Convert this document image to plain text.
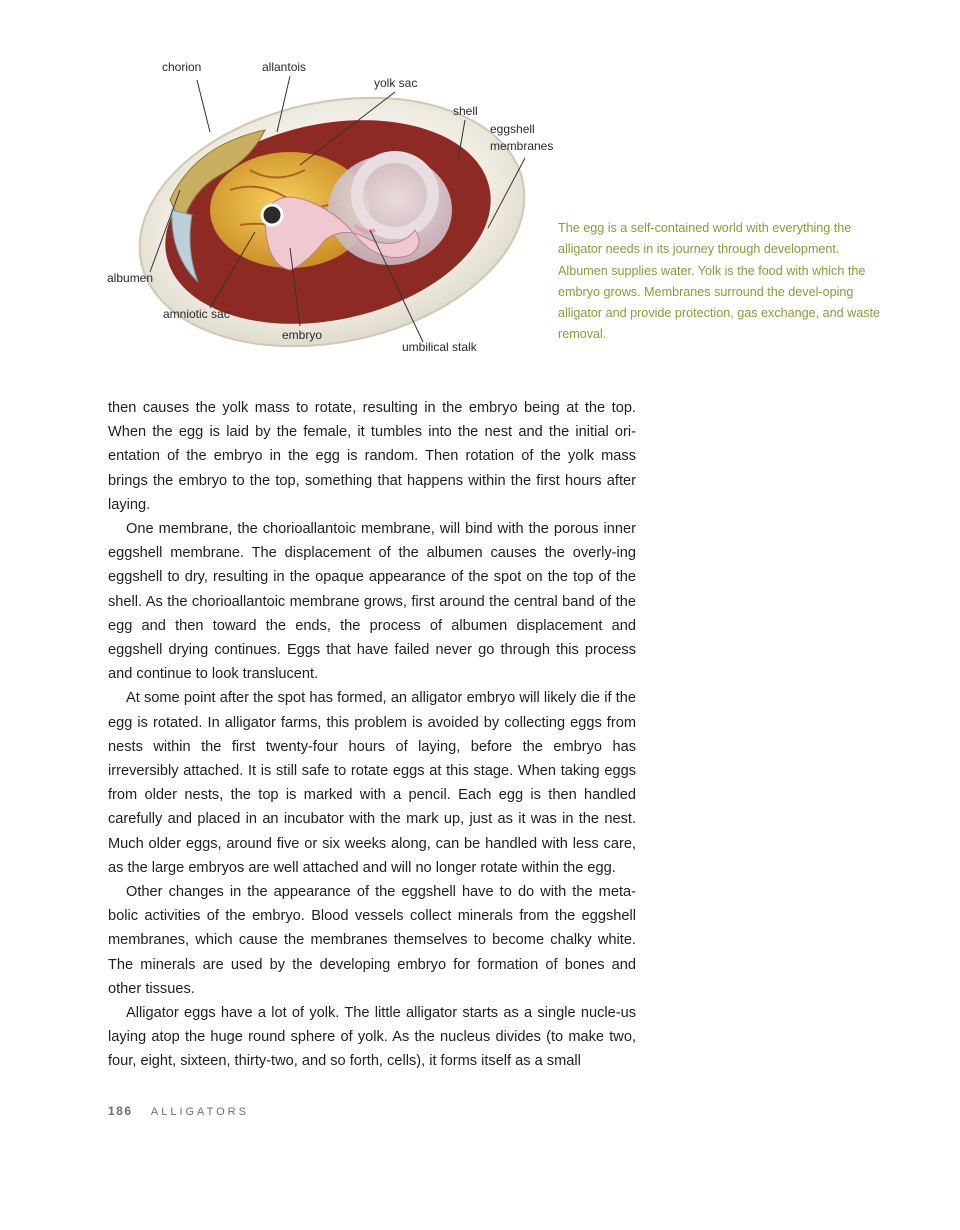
chorion	allantois
yolk sac
shell
eggshell
membranes
albumen
amniotic sac
embryo
umbilical stalk
The egg is a self-contained world with everything the alligator needs in its journey through development. Albumen supplies water. Yolk is the food with which the embryo grows. Membranes surround the devel-oping alligator and provide protection, gas exchange, and waste removal.

then causes the yolk mass to rotate, resulting in the embryo being at the top. When the egg is laid by the female, it tumbles into the nest and the initial ori-entation of the embryo in the egg is random. Then rotation of the yolk mass brings the embryo to the top, something that happens within the first hours after laying.

One membrane, the chorioallantoic membrane, will bind with the porous inner eggshell membrane. The displacement of the albumen causes the overly-ing eggshell to dry, resulting in the opaque appearance of the spot on the top of the shell. As the chorioallantoic membrane grows, first around the central band of the egg and then toward the ends, the process of albumen displacement and eggshell drying continues. Eggs that have failed never go through this process and continue to look translucent.

At some point after the spot has formed, an alligator embryo will likely die if the egg is rotated. In alligator farms, this problem is avoided by collecting eggs from nests within the first twenty-four hours of laying, before the embryo has irreversibly attached. It is still safe to rotate eggs at this stage. When taking eggs from older nests, the top is marked with a pencil. Each egg is then handled carefully and placed in an incubator with the mark up, just as it was in the nest. Much older eggs, around five or six weeks along, can be handled with less care, as the large embryos are well attached and will no longer rotate within the egg.

Other changes in the appearance of the eggshell have to do with the meta-bolic activities of the embryo. Blood vessels collect minerals from the eggshell membranes, which cause the membranes themselves to become chalky white. The minerals are used by the developing embryo for formation of bones and other tissues.

Alligator eggs have a lot of yolk. The little alligator starts as a single nucle-us laying atop the huge round sphere of yolk. As the nucleus divides (to make two, four, eight, sixteen, thirty-two, and so forth, cells), it forms itself as a small

186 ALLIGATORS
